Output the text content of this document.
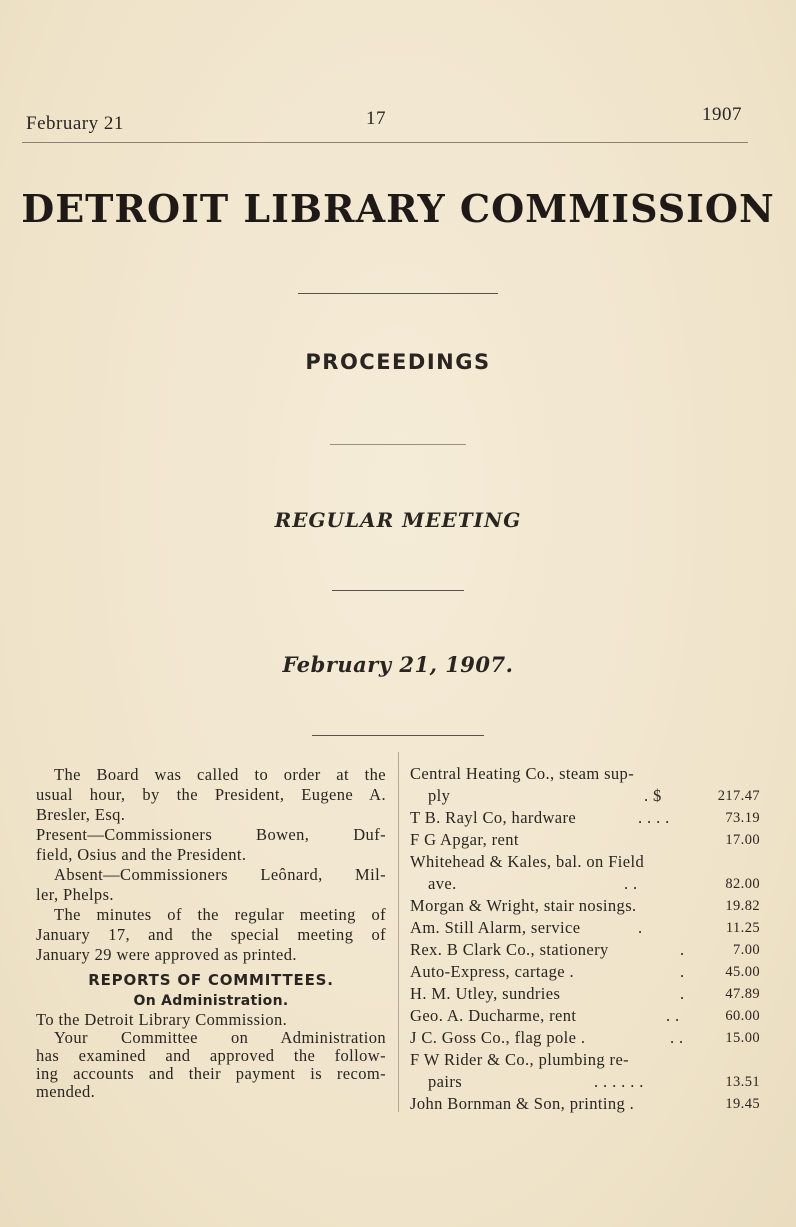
February 21	17	1907
DETROIT LIBRARY COMMISSION
PROCEEDINGS
REGULAR MEETING
February 21, 1907.

The Board was called to order at the
usual hour, by the President, Eugene A.
Bresler, Esq.

Present—Commissioners Bowen, Duf-
field, Osius and the President.

Absent—Commissioners Leônard, Mil-
ler, Phelps.

The minutes of the regular meeting of
January 17, and the special meeting of
January 29 were approved as printed.

REPORTS OF COMMITTEES.
On Administration.

To the Detroit Library Commission.
Your Committee on Administration
has examined and approved the follow-
ing accounts and their payment is recom-
mended.

Central Heating Co., steam sup-
ply	. $	217.47
T B. Rayl Co, hardware	. . . .	73.19
F G Apgar, rent	17.00
Whitehead & Kales, bal. on Field
ave.	. .	82.00
Morgan & Wright, stair nosings.	19.82
Am. Still Alarm, service	.	11.25
Rex. B Clark Co., stationery	.	7.00
Auto-Express, cartage .	.	45.00
H. M. Utley, sundries	.	47.89
Geo. A. Ducharme, rent	. .	60.00
J C. Goss Co., flag pole .	. .	15.00
F W Rider & Co., plumbing re-
pairs	. . . . . .	13.51
John Bornman & Son, printing .	19.45
